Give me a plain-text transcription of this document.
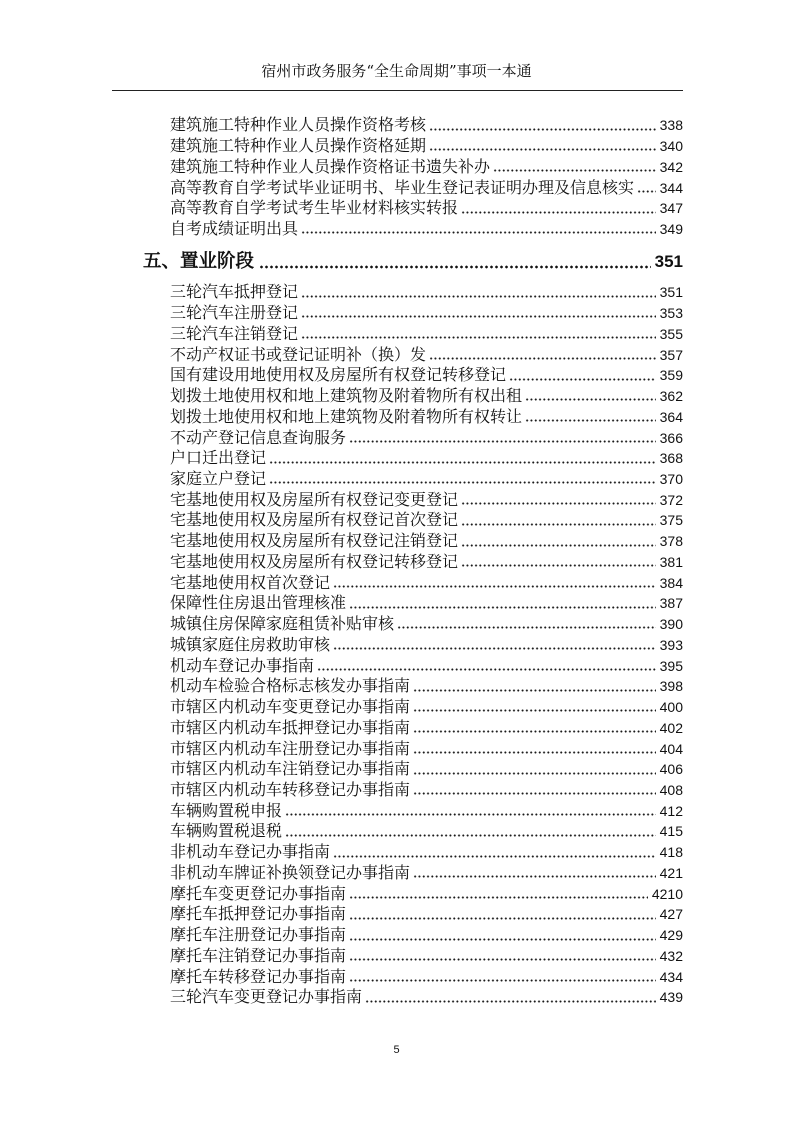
宿州市政务服务“全生命周期”事项一本通
建筑施工特种作业人员操作资格考核	338
建筑施工特种作业人员操作资格延期	340
建筑施工特种作业人员操作资格证书遗失补办	342
高等教育自学考试毕业证明书、毕业生登记表证明办理及信息核实 344
高等教育自学考试考生毕业材料核实转报	347
自考成绩证明出具	349
五、置业阶段	351
三轮汽车抵押登记	351
三轮汽车注册登记	353
三轮汽车注销登记	355
不动产权证书或登记证明补（换）发	357
国有建设用地使用权及房屋所有权登记转移登记	359
划拨土地使用权和地上建筑物及附着物所有权出租	362
划拨土地使用权和地上建筑物及附着物所有权转让	364
不动产登记信息查询服务	366
户口迁出登记	368
家庭立户登记	370
宅基地使用权及房屋所有权登记变更登记	372
宅基地使用权及房屋所有权登记首次登记	375
宅基地使用权及房屋所有权登记注销登记	378
宅基地使用权及房屋所有权登记转移登记	381
宅基地使用权首次登记	384
保障性住房退出管理核准	387
城镇住房保障家庭租赁补贴审核	390
城镇家庭住房救助审核	393
机动车登记办事指南	395
机动车检验合格标志核发办事指南	398
市辖区内机动车变更登记办事指南	400
市辖区内机动车抵押登记办事指南	402
市辖区内机动车注册登记办事指南	404
市辖区内机动车注销登记办事指南	406
市辖区内机动车转移登记办事指南	408
车辆购置税申报	412
车辆购置税退税	415
非机动车登记办事指南	418
非机动车牌证补换领登记办事指南	421
摩托车变更登记办事指南	4210
摩托车抵押登记办事指南	427
摩托车注册登记办事指南	429
摩托车注销登记办事指南	432
摩托车转移登记办事指南	434
三轮汽车变更登记办事指南	439
5
